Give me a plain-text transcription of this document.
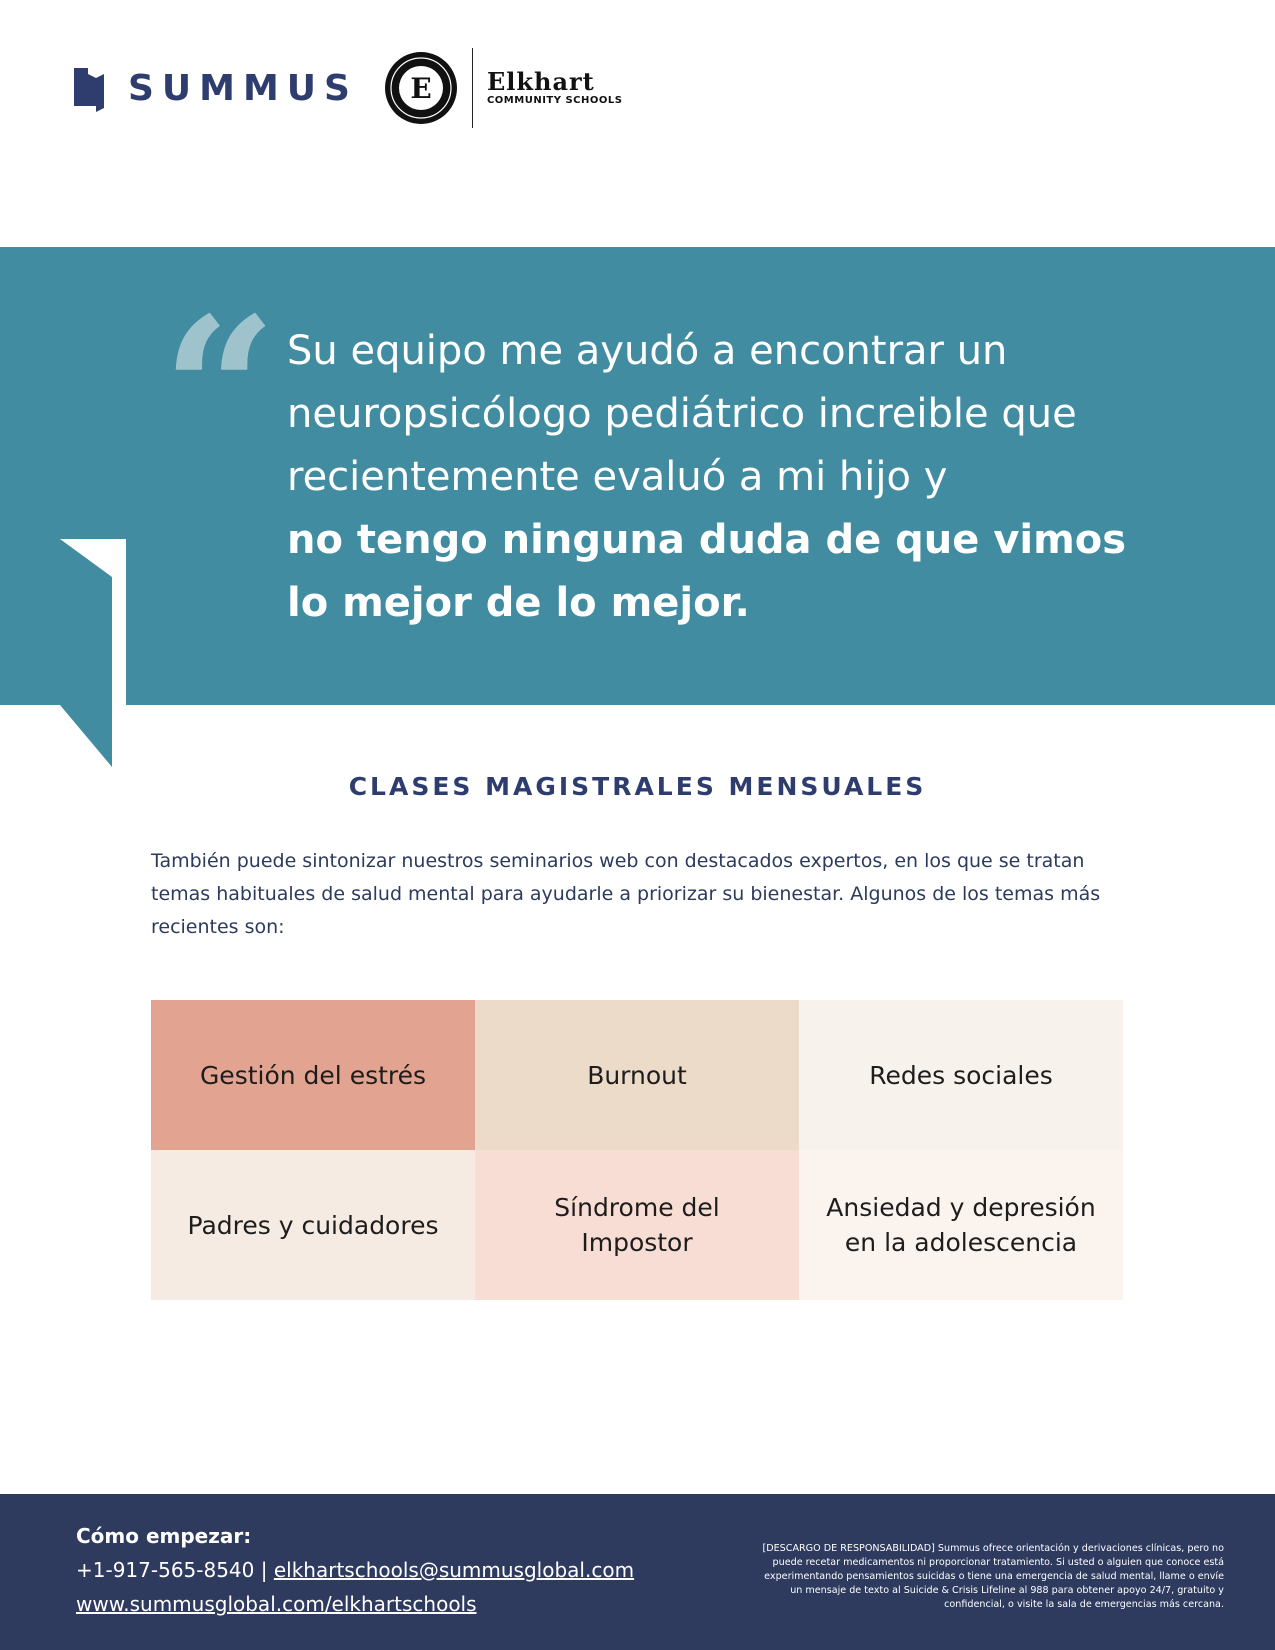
SUMMUS E Elkhart
COMMUNITY SCHOOLS
“ Su equipo me ayudó a encontrar un
neuropsicólogo pediátrico increible que
recientemente evaluó a mi hijo y
no tengo ninguna duda de que vimos
lo mejor de lo mejor.
CLASES MAGISTRALES MENSUALES
También puede sintonizar nuestros seminarios web con destacados expertos, en los que se tratan temas habituales de salud mental para ayudarle a priorizar su bienestar. Algunos de los temas más recientes son:
Gestión del estrés	Burnout	Redes sociales
Padres y cuidadores
Síndrome del Impostor
Ansiedad y depresión en la adolescencia
Cómo empezar:
+1-917-565-8540 | elkhartschools@summusglobal.com
www.summusglobal.com/elkhartschools
[DESCARGO DE RESPONSABILIDAD] Summus ofrece orientación y derivaciones clínicas, pero no puede recetar medicamentos ni proporcionar tratamiento. Si usted o alguien que conoce está experimentando pensamientos suicidas o tiene una emergencia de salud mental, llame o envíe un mensaje de texto al Suicide & Crisis Lifeline al 988 para obtener apoyo 24/7, gratuito y confidencial, o visite la sala de emergencias más cercana.
